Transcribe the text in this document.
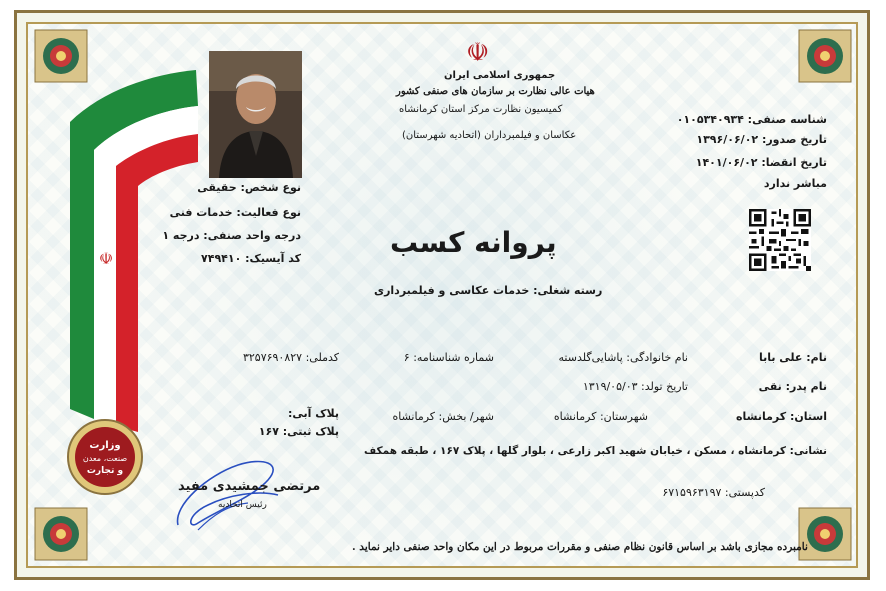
☫
وزارت
صنعت، معدن
و تجارت
☫
جمهوری اسلامی ایران
هیات عالی نظارت بر سازمان های صنفی کشور
کمیسیون نظارت مرکز استان کرمانشاه
عکاسان و فیلمبرداران (اتحادیه شهرستان)
پروانه کسب
رسته شغلی: خدمات عکاسی و فیلمبرداری
شناسه صنفی: ۰۱۰۵۳۴۰۹۳۴
تاریخ صدور: ۱۳۹۶/۰۶/۰۲
تاریخ انقضا: ۱۴۰۱/۰۶/۰۲
مباشر ندارد
نوع شخص: حقیقی
نوع فعالیت: خدمات فنی
درجه واحد صنفی: درجه ۱
کد آیسیک: ۷۴۹۴۱۰
نام: علی بابا
نام خانوادگی: پاشایی‌گلدسته
شماره شناسنامه: ۶
کدملی: ۳۲۵۷۶۹۰۸۲۷
نام پدر: نقی
تاریخ تولد: ۱۳۱۹/۰۵/۰۳
استان: کرمانشاه
شهرستان: کرمانشاه
شهر/ بخش: کرمانشاه
پلاک آبی:
پلاک ثبتی: ۱۶۷
نشانی: کرمانشاه ، مسکن ، خیابان شهید اکبر زارعی ، بلوار گلها ، پلاک ۱۶۷ ، طبقه همکف
کدپستی: ۶۷۱۵۹۶۳۱۹۷
مرتضی جمشیدی مفید
رئیس اتحادیه
نامبرده مجازی باشد بر اساس قانون نظام صنفی و مقررات مربوط در این مکان واحد صنفی دایر نماید .
